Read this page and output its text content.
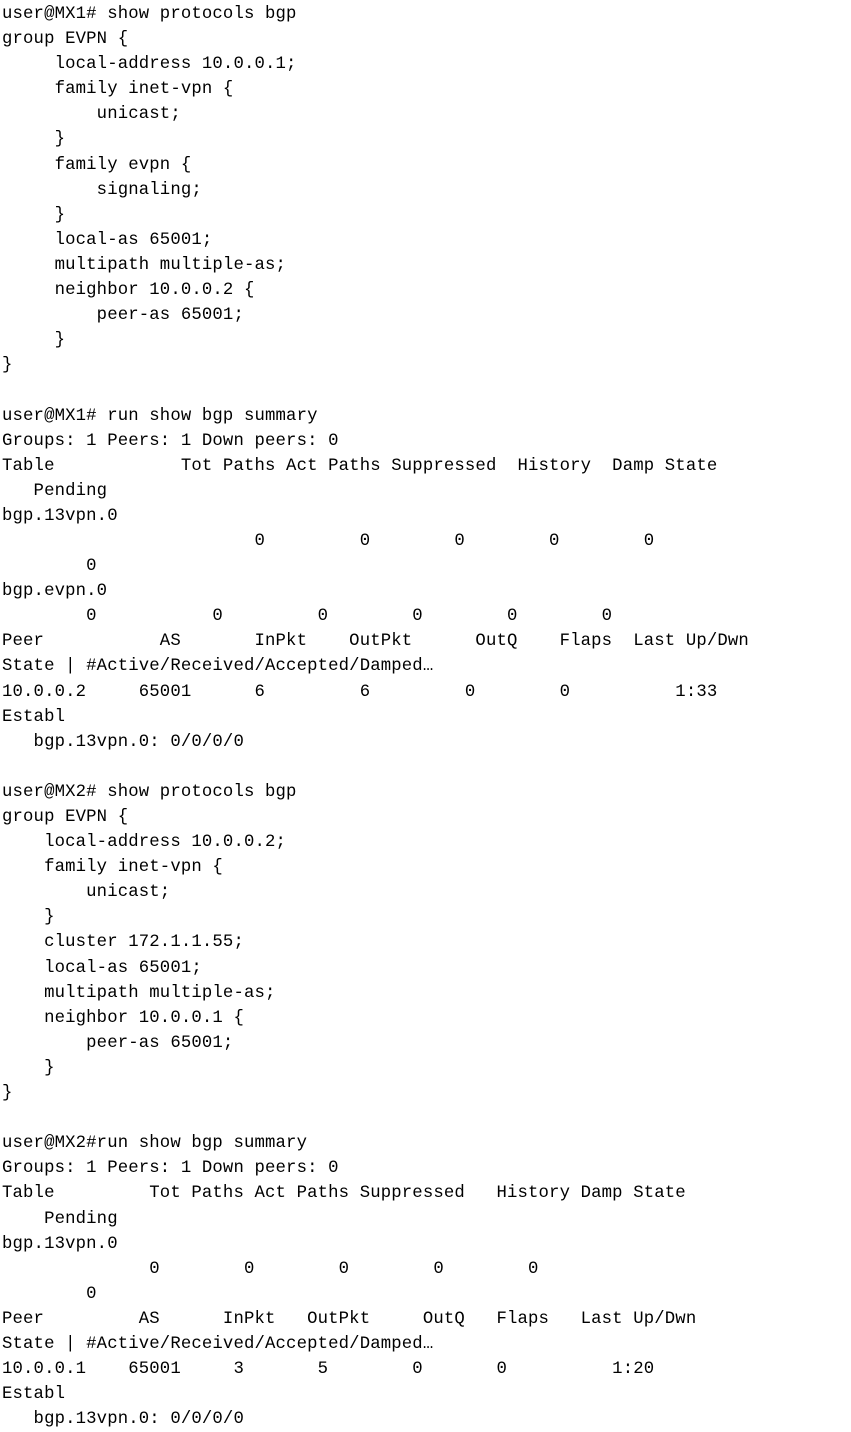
user@MX1# show protocols bgp
group EVPN {
local-address 10.0.0.1;
family inet-vpn {
unicast;
}
family evpn {
signaling;
}
local-as 65001;
multipath multiple-as;
neighbor 10.0.0.2 {
peer-as 65001;
}
}
user@MX1# run show bgp summary
Groups: 1 Peers: 1 Down peers: 0
Table            Tot Paths Act Paths Suppressed  History  Damp State
Pending
bgp.13vpn.0
0         0        0        0        0
0
bgp.evpn.0
0           0         0        0        0        0
Peer           AS       InPkt    OutPkt      OutQ    Flaps  Last Up/Dwn
State | #Active/Received/Accepted/Damped…
10.0.0.2     65001      6         6         0        0          1:33
Establ
bgp.13vpn.0: 0/0/0/0
user@MX2# show protocols bgp
group EVPN {
local-address 10.0.0.2;
family inet-vpn {
unicast;
}
cluster 172.1.1.55;
local-as 65001;
multipath multiple-as;
neighbor 10.0.0.1 {
peer-as 65001;
}
}
user@MX2#run show bgp summary
Groups: 1 Peers: 1 Down peers: 0
Table         Tot Paths Act Paths Suppressed   History Damp State
Pending
bgp.13vpn.0
0        0        0        0        0
0
Peer         AS      InPkt   OutPkt     OutQ   Flaps   Last Up/Dwn
State | #Active/Received/Accepted/Damped…
10.0.0.1    65001     3       5        0       0          1:20
Establ
bgp.13vpn.0: 0/0/0/0
